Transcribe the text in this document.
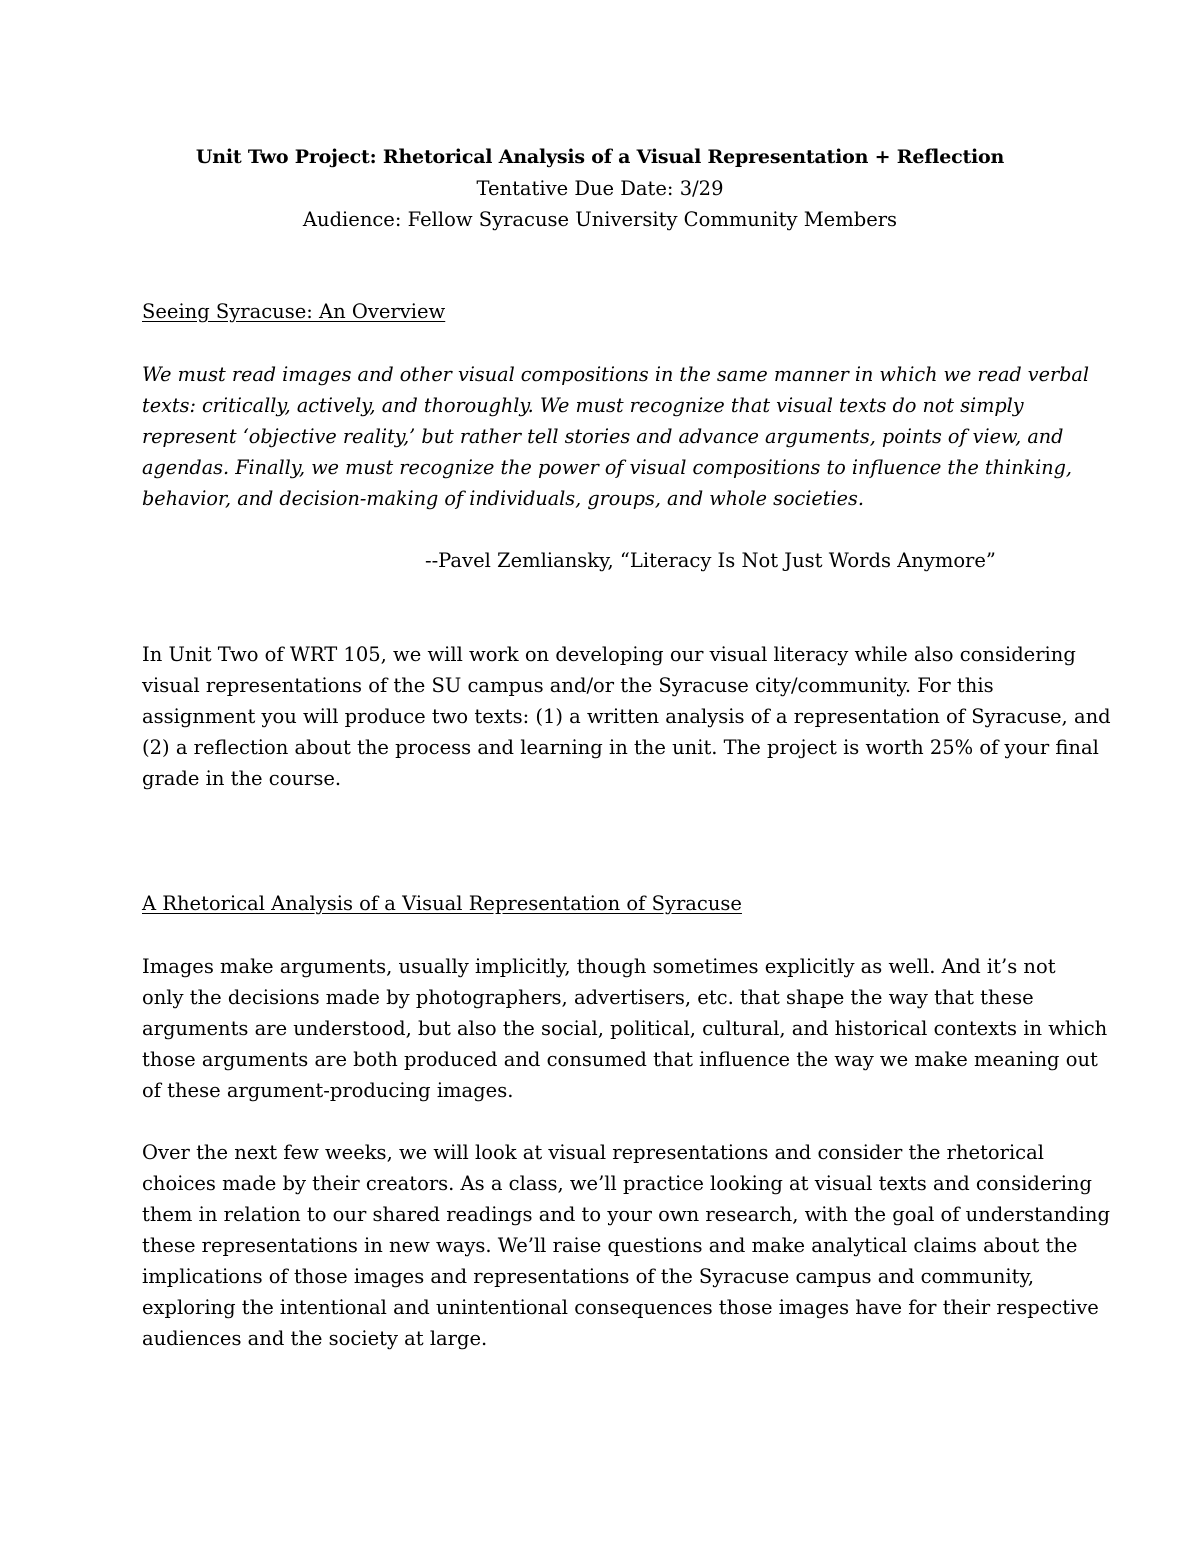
Unit Two Project: Rhetorical Analysis of a Visual Representation + Reflection
Tentative Due Date: 3/29
Audience: Fellow Syracuse University Community Members
Seeing Syracuse: An Overview
We must read images and other visual compositions in the same manner in which we read verbal
texts: critically, actively, and thoroughly. We must recognize that visual texts do not simply
represent ‘objective reality,’ but rather tell stories and advance arguments, points of view, and
agendas. Finally, we must recognize the power of visual compositions to influence the thinking,
behavior, and decision-making of individuals, groups, and whole societies.
--Pavel Zemliansky, “Literacy Is Not Just Words Anymore”
In Unit Two of WRT 105, we will work on developing our visual literacy while also considering
visual representations of the SU campus and/or the Syracuse city/community. For this
assignment you will produce two texts: (1) a written analysis of a representation of Syracuse, and
(2) a reflection about the process and learning in the unit. The project is worth 25% of your final
grade in the course.
A Rhetorical Analysis of a Visual Representation of Syracuse
Images make arguments, usually implicitly, though sometimes explicitly as well. And it’s not
only the decisions made by photographers, advertisers, etc. that shape the way that these
arguments are understood, but also the social, political, cultural, and historical contexts in which
those arguments are both produced and consumed that influence the way we make meaning out
of these argument-producing images.
Over the next few weeks, we will look at visual representations and consider the rhetorical
choices made by their creators. As a class, we’ll practice looking at visual texts and considering
them in relation to our shared readings and to your own research, with the goal of understanding
these representations in new ways. We’ll raise questions and make analytical claims about the
implications of those images and representations of the Syracuse campus and community,
exploring the intentional and unintentional consequences those images have for their respective
audiences and the society at large.
